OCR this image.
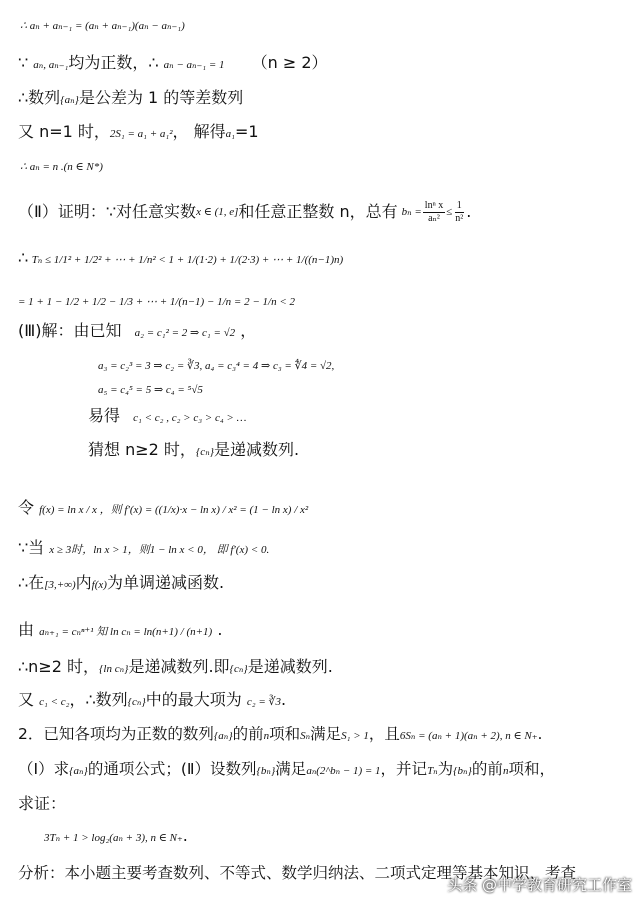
∴ aₙ + aₙ₋₁ = (aₙ + aₙ₋₁)(aₙ − aₙ₋₁)
∵ aₙ, aₙ₋₁均为正数，∴ aₙ − aₙ₋₁ = 1 （n ≥ 2）
∴数列{aₙ}是公差为 1 的等差数列
又 n=1 时，2S₁ = a₁ + a₁²， 解得a₁=1
∴ aₙ = n .(n ∈ N*)
（Ⅱ）证明：∵对任意实数 x ∈ (1, e] 和任意正整数 n，总有 $b_n = \frac{\text{lnⁿ x}}{\text{aₙ²}} \le \frac{1}{\text{n²}}$ .
∴ Tₙ ≤ 1/1² + 1/2² + ⋯ + 1/n² < 1 + 1/(1·2) + 1/(2·3) + ⋯ + 1/((n−1)n)
= 1 + 1 − 1/2 + 1/2 − 1/3 + ⋯ + 1/(n−1) − 1/n = 2 − 1/n < 2
(Ⅲ)解：由已知 a₂ = c₁² = 2 ⇒ c₁ = √2 ，
a₃ = c₂³ = 3 ⇒ c₂ = ∛3, a₄ = c₃⁴ = 4 ⇒ c₃ = ∜4 = √2,
a₅ = c₄⁵ = 5 ⇒ c₄ = ⁵√5
易得 c₁ < c₂ , c₂ > c₃ > c₄ > …
猜想 n≥2 时，{cₙ}是递减数列.
令 f(x) = ln x / x ，则 f′(x) = ((1/x)·x − ln x) / x² = (1 − ln x) / x²
∵当 x ≥ 3时，ln x > 1，则1 − ln x < 0， 即 f′(x) < 0.
∴在[3,+∞)内f(x)为单调递减函数.
由 aₙ₊₁ = cₙⁿ⁺¹ 知 ln cₙ = ln(n+1) / (n+1) .
∴n≥2 时，{ln cₙ}是递减数列.即{cₙ}是递减数列.
又 c₁ < c₂，∴数列{cₙ}中的最大项为 c₂ = ∛3.
2．已知各项均为正数的数列{aₙ}的前n项和Sₙ满足S₁ > 1，且6Sₙ = (aₙ + 1)(aₙ + 2), n ∈ N₊.
（Ⅰ）求{aₙ}的通项公式；(Ⅱ）设数列{bₙ}满足aₙ(2^bₙ − 1) = 1，并记Tₙ为{bₙ}的前n项和，
求证：
3Tₙ + 1 > log₂(aₙ + 3), n ∈ N₊.
分析：本小题主要考查数列、不等式、数学归纳法、二项式定理等基本知识，考查
头条 @中学教育研究工作室
